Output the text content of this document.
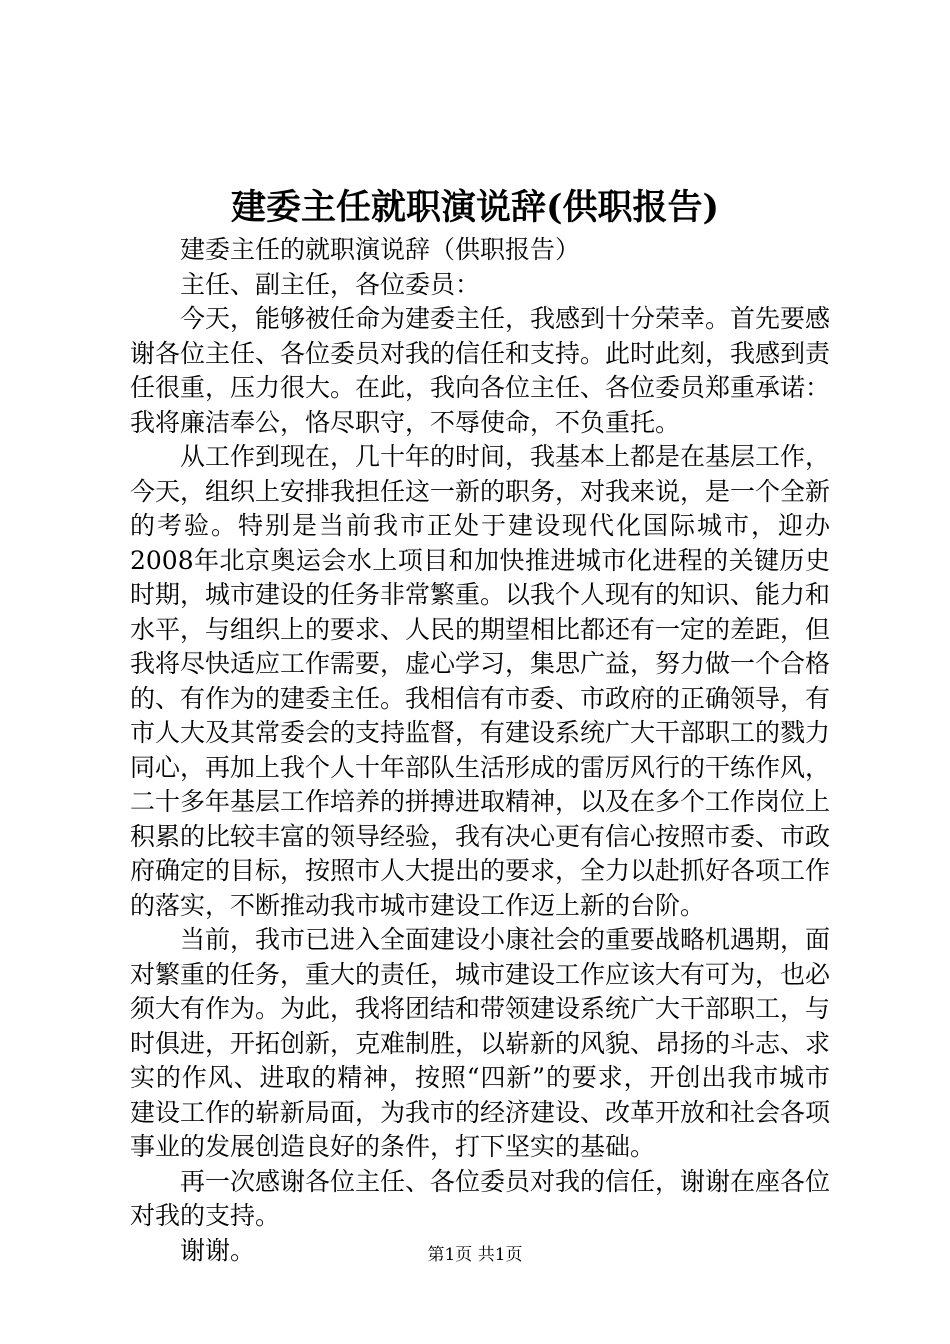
建委主任就职演说辞(供职报告)

建委主任的就职演说辞（供职报告）

主任、副主任，各位委员：

今天，能够被任命为建委主任，我感到十分荣幸。首先要感谢各位主任、各位委员对我的信任和支持。此时此刻，我感到责任很重，压力很大。在此，我向各位主任、各位委员郑重承诺：我将廉洁奉公，恪尽职守，不辱使命，不负重托。

从工作到现在，几十年的时间，我基本上都是在基层工作，今天，组织上安排我担任这一新的职务，对我来说，是一个全新的考验。特别是当前我市正处于建设现代化国际城市，迎办2008年北京奥运会水上项目和加快推进城市化进程的关键历史时期，城市建设的任务非常繁重。以我个人现有的知识、能力和水平，与组织上的要求、人民的期望相比都还有一定的差距，但我将尽快适应工作需要，虚心学习，集思广益，努力做一个合格的、有作为的建委主任。我相信有市委、市政府的正确领导，有市人大及其常委会的支持监督，有建设系统广大干部职工的戮力同心，再加上我个人十年部队生活形成的雷厉风行的干练作风，二十多年基层工作培养的拼搏进取精神，以及在多个工作岗位上积累的比较丰富的领导经验，我有决心更有信心按照市委、市政府确定的目标，按照市人大提出的要求，全力以赴抓好各项工作的落实，不断推动我市城市建设工作迈上新的台阶。

当前，我市已进入全面建设小康社会的重要战略机遇期，面对繁重的任务，重大的责任，城市建设工作应该大有可为，也必须大有作为。为此，我将团结和带领建设系统广大干部职工，与时俱进，开拓创新，克难制胜，以崭新的风貌、昂扬的斗志、求实的作风、进取的精神，按照“四新”的要求，开创出我市城市建设工作的崭新局面，为我市的经济建设、改革开放和社会各项事业的发展创造良好的条件，打下坚实的基础。

再一次感谢各位主任、各位委员对我的信任，谢谢在座各位对我的支持。

谢谢。	第1页 共1页
